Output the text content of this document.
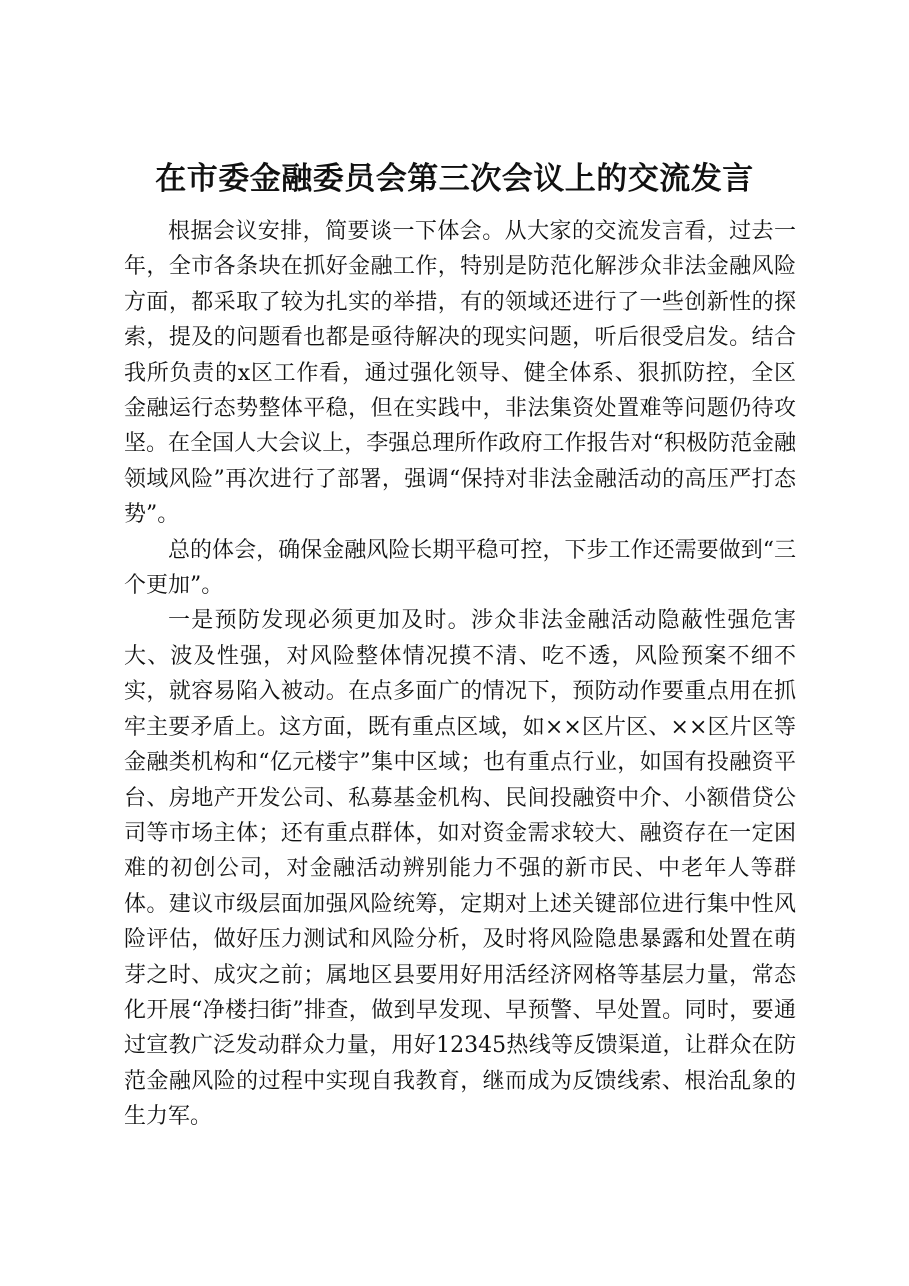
在市委金融委员会第三次会议上的交流发言

根据会议安排，简要谈一下体会。从大家的交流发言看，过去一年，全市各条块在抓好金融工作，特别是防范化解涉众非法金融风险方面，都采取了较为扎实的举措，有的领域还进行了一些创新性的探索，提及的问题看也都是亟待解决的现实问题，听后很受启发。结合我所负责的x区工作看，通过强化领导、健全体系、狠抓防控，全区金融运行态势整体平稳，但在实践中，非法集资处置难等问题仍待攻坚。在全国人大会议上，李强总理所作政府工作报告对“积极防范金融领域风险”再次进行了部署，强调“保持对非法金融活动的高压严打态势”。

总的体会，确保金融风险长期平稳可控，下步工作还需要做到“三个更加”。

一是预防发现必须更加及时。涉众非法金融活动隐蔽性强危害大、波及性强，对风险整体情况摸不清、吃不透，风险预案不细不实，就容易陷入被动。在点多面广的情况下，预防动作要重点用在抓牢主要矛盾上。这方面，既有重点区域，如××区片区、××区片区等金融类机构和“亿元楼宇”集中区域；也有重点行业，如国有投融资平台、房地产开发公司、私募基金机构、民间投融资中介、小额借贷公司等市场主体；还有重点群体，如对资金需求较大、融资存在一定困难的初创公司，对金融活动辨别能力不强的新市民、中老年人等群体。建议市级层面加强风险统筹，定期对上述关键部位进行集中性风险评估，做好压力测试和风险分析，及时将风险隐患暴露和处置在萌芽之时、成灾之前；属地区县要用好用活经济网格等基层力量，常态化开展“净楼扫街”排查，做到早发现、早预警、早处置。同时，要通过宣教广泛发动群众力量，用好12345热线等反馈渠道，让群众在防范金融风险的过程中实现自我教育，继而成为反馈线索、根治乱象的生力军。
